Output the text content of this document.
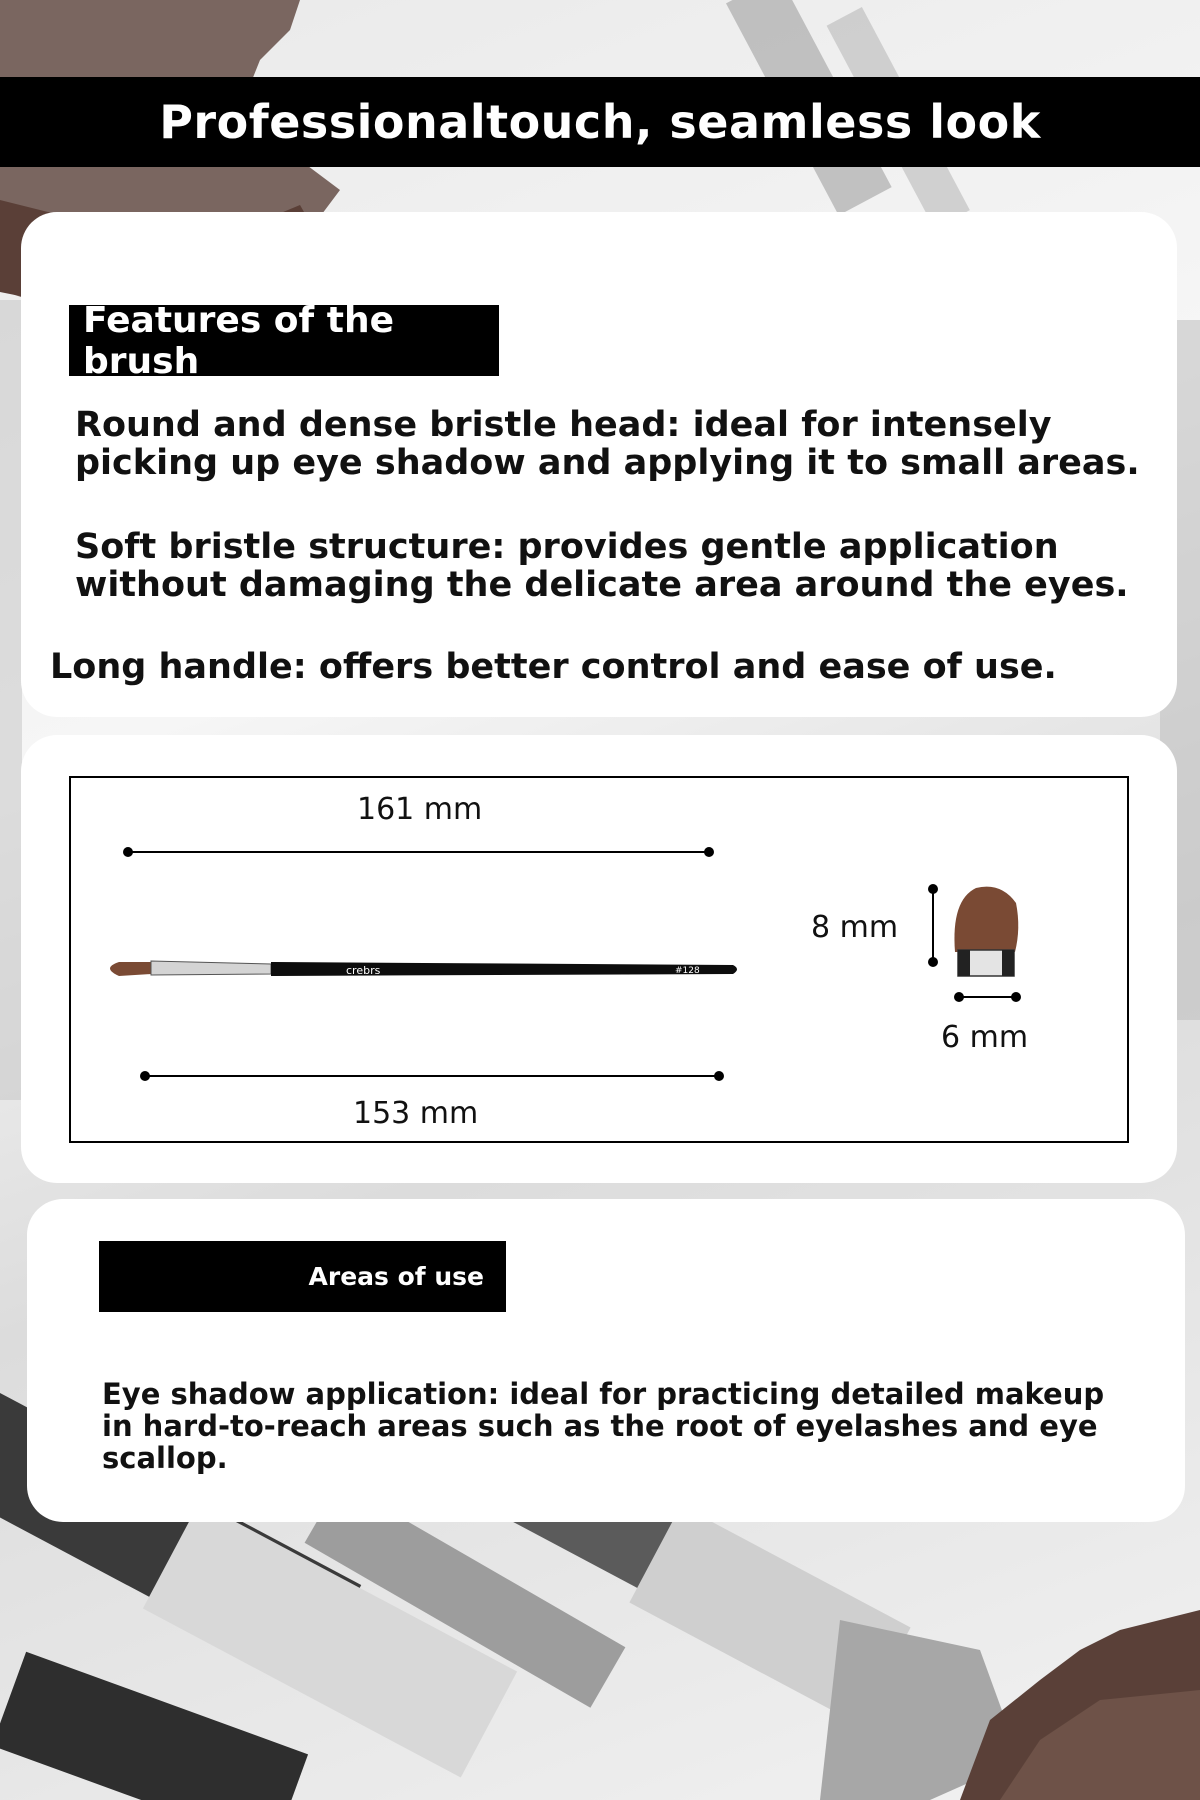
Professionaltouch, seamless look
Features of the brush
Round and dense bristle head: ideal for intensely picking up eye shadow and applying it to small areas.
Soft bristle structure: provides gentle application without damaging the delicate area around the eyes.
Long handle: offers better control and ease of use.
crebrs	#128
161 mm
153 mm
8 mm
6 mm
Areas of use
Eye shadow application: ideal for practicing detailed makeup in hard-to-reach areas such as the root of eyelashes and eye scallop.
